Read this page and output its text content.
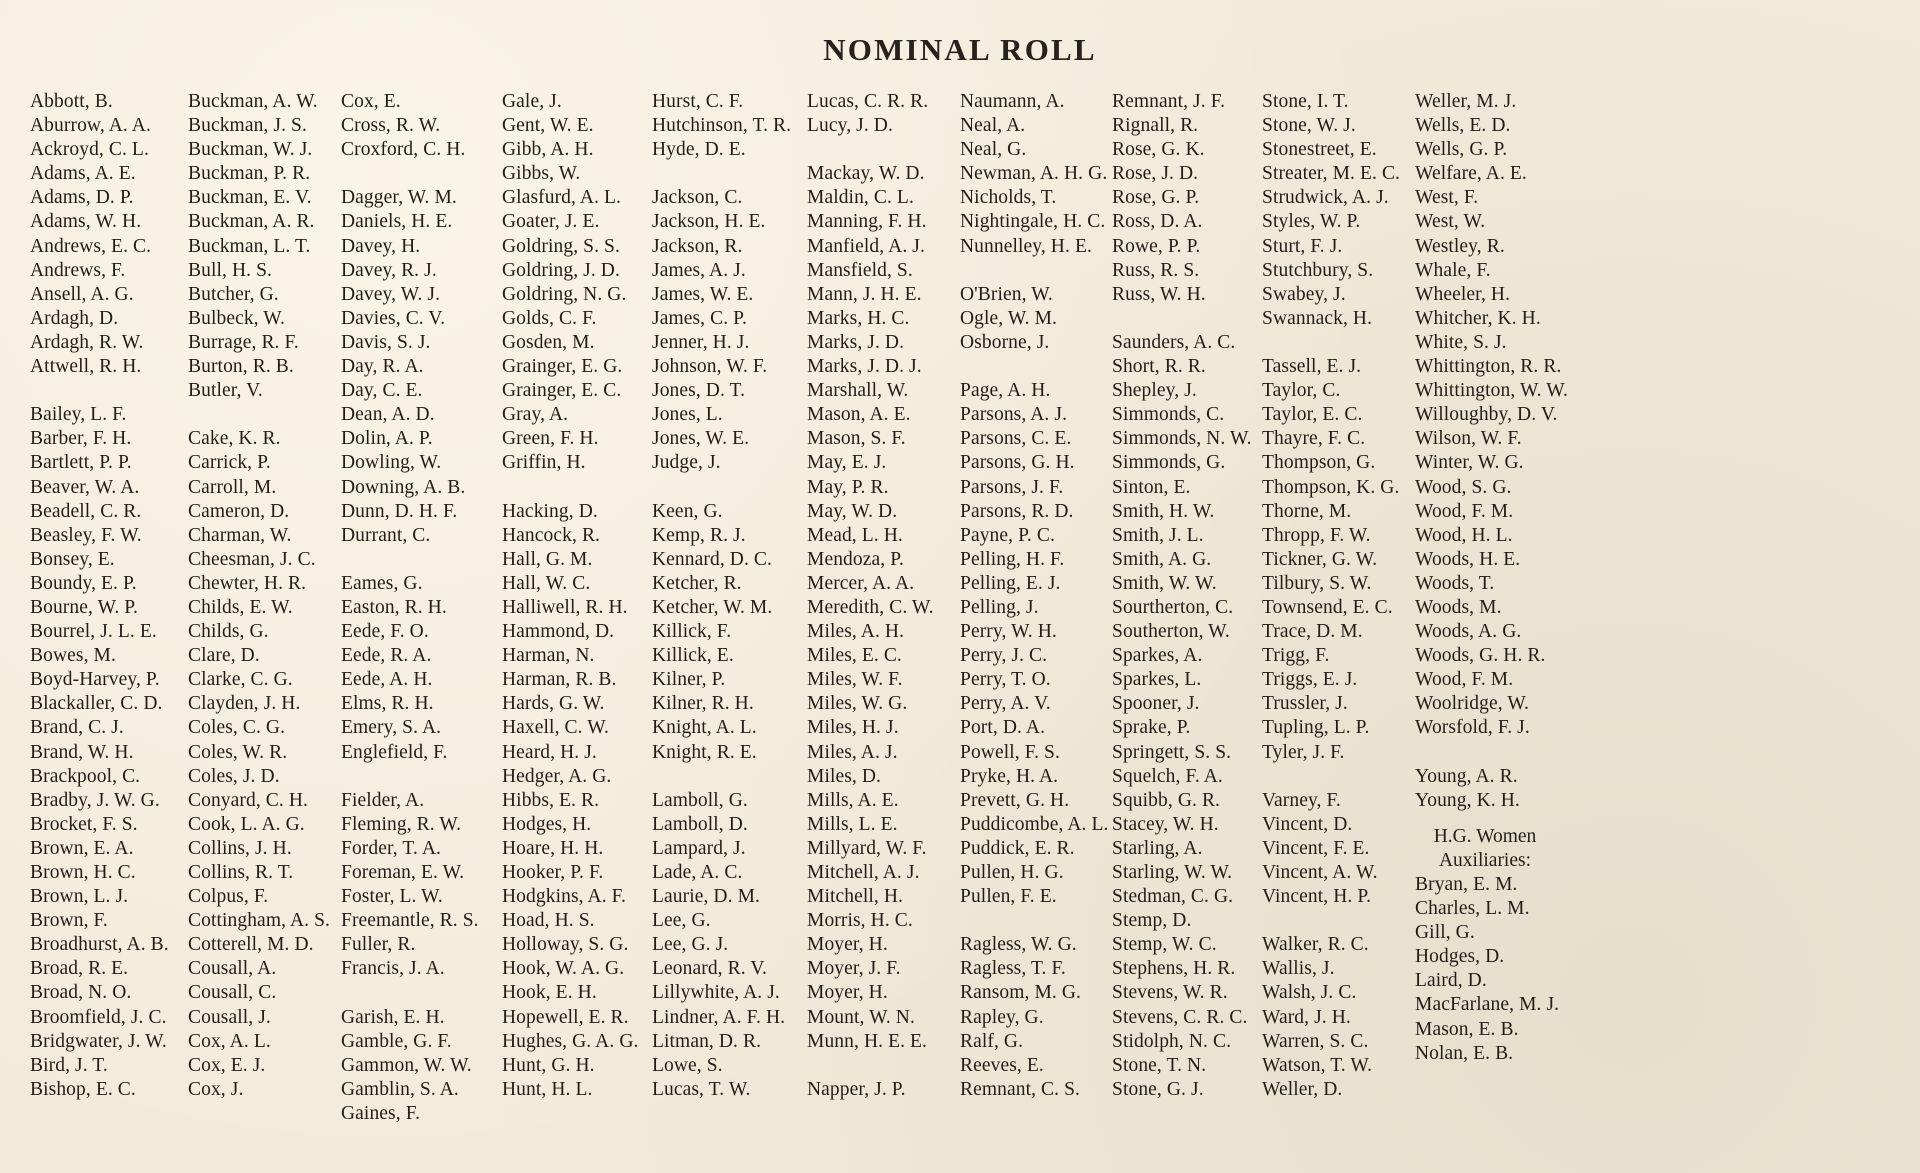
NOMINAL ROLL
Abbott, B.
Aburrow, A. A.
Ackroyd, C. L.
Adams, A. E.
Adams, D. P.
Adams, W. H.
Andrews, E. C.
Andrews, F.
Ansell, A. G.
Ardagh, D.
Ardagh, R. W.
Attwell, R. H.
Bailey, L. F.
Barber, F. H.
Bartlett, P. P.
Beaver, W. A.
Beadell, C. R.
Beasley, F. W.
Bonsey, E.
Boundy, E. P.
Bourne, W. P.
Bourrel, J. L. E.
Bowes, M.
Boyd-Harvey, P.
Blackaller, C. D.
Brand, C. J.
Brand, W. H.
Brackpool, C.
Bradby, J. W. G.
Brocket, F. S.
Brown, E. A.
Brown, H. C.
Brown, L. J.
Brown, F.
Broadhurst, A. B.
Broad, R. E.
Broad, N. O.
Broomfield, J. C.
Bridgwater, J. W.
Bird, J. T.
Bishop, E. C.
Buckman, A. W.
Buckman, J. S.
Buckman, W. J.
Buckman, P. R.
Buckman, E. V.
Buckman, A. R.
Buckman, L. T.
Bull, H. S.
Butcher, G.
Bulbeck, W.
Burrage, R. F.
Burton, R. B.
Butler, V.
Cake, K. R.
Carrick, P.
Carroll, M.
Cameron, D.
Charman, W.
Cheesman, J. C.
Chewter, H. R.
Childs, E. W.
Childs, G.
Clare, D.
Clarke, C. G.
Clayden, J. H.
Coles, C. G.
Coles, W. R.
Coles, J. D.
Conyard, C. H.
Cook, L. A. G.
Collins, J. H.
Collins, R. T.
Colpus, F.
Cottingham, A. S.
Cotterell, M. D.
Cousall, A.
Cousall, C.
Cousall, J.
Cox, A. L.
Cox, E. J.
Cox, J.
Cox, E.
Cross, R. W.
Croxford, C. H.
Dagger, W. M.
Daniels, H. E.
Davey, H.
Davey, R. J.
Davey, W. J.
Davies, C. V.
Davis, S. J.
Day, R. A.
Day, C. E.
Dean, A. D.
Dolin, A. P.
Dowling, W.
Downing, A. B.
Dunn, D. H. F.
Durrant, C.
Eames, G.
Easton, R. H.
Eede, F. O.
Eede, R. A.
Eede, A. H.
Elms, R. H.
Emery, S. A.
Englefield, F.
Fielder, A.
Fleming, R. W.
Forder, T. A.
Foreman, E. W.
Foster, L. W.
Freemantle, R. S.
Fuller, R.
Francis, J. A.
Garish, E. H.
Gamble, G. F.
Gammon, W. W.
Gamblin, S. A.
Gaines, F.
Gale, J.
Gent, W. E.
Gibb, A. H.
Gibbs, W.
Glasfurd, A. L.
Goater, J. E.
Goldring, S. S.
Goldring, J. D.
Goldring, N. G.
Golds, C. F.
Gosden, M.
Grainger, E. G.
Grainger, E. C.
Gray, A.
Green, F. H.
Griffin, H.
Hacking, D.
Hancock, R.
Hall, G. M.
Hall, W. C.
Halliwell, R. H.
Hammond, D.
Harman, N.
Harman, R. B.
Hards, G. W.
Haxell, C. W.
Heard, H. J.
Hedger, A. G.
Hibbs, E. R.
Hodges, H.
Hoare, H. H.
Hooker, P. F.
Hodgkins, A. F.
Hoad, H. S.
Holloway, S. G.
Hook, W. A. G.
Hook, E. H.
Hopewell, E. R.
Hughes, G. A. G.
Hunt, G. H.
Hunt, H. L.
Hurst, C. F.
Hutchinson, T. R.
Hyde, D. E.
Jackson, C.
Jackson, H. E.
Jackson, R.
James, A. J.
James, W. E.
James, C. P.
Jenner, H. J.
Johnson, W. F.
Jones, D. T.
Jones, L.
Jones, W. E.
Judge, J.
Keen, G.
Kemp, R. J.
Kennard, D. C.
Ketcher, R.
Ketcher, W. M.
Killick, F.
Killick, E.
Kilner, P.
Kilner, R. H.
Knight, A. L.
Knight, R. E.
Lamboll, G.
Lamboll, D.
Lampard, J.
Lade, A. C.
Laurie, D. M.
Lee, G.
Lee, G. J.
Leonard, R. V.
Lillywhite, A. J.
Lindner, A. F. H.
Litman, D. R.
Lowe, S.
Lucas, T. W.
Lucas, C. R. R.
Lucy, J. D.
Mackay, W. D.
Maldin, C. L.
Manning, F. H.
Manfield, A. J.
Mansfield, S.
Mann, J. H. E.
Marks, H. C.
Marks, J. D.
Marks, J. D. J.
Marshall, W.
Mason, A. E.
Mason, S. F.
May, E. J.
May, P. R.
May, W. D.
Mead, L. H.
Mendoza, P.
Mercer, A. A.
Meredith, C. W.
Miles, A. H.
Miles, E. C.
Miles, W. F.
Miles, W. G.
Miles, H. J.
Miles, A. J.
Miles, D.
Mills, A. E.
Mills, L. E.
Millyard, W. F.
Mitchell, A. J.
Mitchell, H.
Morris, H. C.
Moyer, H.
Moyer, J. F.
Moyer, H.
Mount, W. N.
Munn, H. E. E.
Napper, J. P.
Naumann, A.
Neal, A.
Neal, G.
Newman, A. H. G.
Nicholds, T.
Nightingale, H. C.
Nunnelley, H. E.
O'Brien, W.
Ogle, W. M.
Osborne, J.
Page, A. H.
Parsons, A. J.
Parsons, C. E.
Parsons, G. H.
Parsons, J. F.
Parsons, R. D.
Payne, P. C.
Pelling, H. F.
Pelling, E. J.
Pelling, J.
Perry, W. H.
Perry, J. C.
Perry, T. O.
Perry, A. V.
Port, D. A.
Powell, F. S.
Pryke, H. A.
Prevett, G. H.
Puddicombe, A. L.
Puddick, E. R.
Pullen, H. G.
Pullen, F. E.
Ragless, W. G.
Ragless, T. F.
Ransom, M. G.
Rapley, G.
Ralf, G.
Reeves, E.
Remnant, C. S.
Remnant, J. F.
Rignall, R.
Rose, G. K.
Rose, J. D.
Rose, G. P.
Ross, D. A.
Rowe, P. P.
Russ, R. S.
Russ, W. H.
Saunders, A. C.
Short, R. R.
Shepley, J.
Simmonds, C.
Simmonds, N. W.
Simmonds, G.
Sinton, E.
Smith, H. W.
Smith, J. L.
Smith, A. G.
Smith, W. W.
Sourtherton, C.
Southerton, W.
Sparkes, A.
Sparkes, L.
Spooner, J.
Sprake, P.
Springett, S. S.
Squelch, F. A.
Squibb, G. R.
Stacey, W. H.
Starling, A.
Starling, W. W.
Stedman, C. G.
Stemp, D.
Stemp, W. C.
Stephens, H. R.
Stevens, W. R.
Stevens, C. R. C.
Stidolph, N. C.
Stone, T. N.
Stone, G. J.
Stone, I. T.
Stone, W. J.
Stonestreet, E.
Streater, M. E. C.
Strudwick, A. J.
Styles, W. P.
Sturt, F. J.
Stutchbury, S.
Swabey, J.
Swannack, H.
Tassell, E. J.
Taylor, C.
Taylor, E. C.
Thayre, F. C.
Thompson, G.
Thompson, K. G.
Thorne, M.
Thropp, F. W.
Tickner, G. W.
Tilbury, S. W.
Townsend, E. C.
Trace, D. M.
Trigg, F.
Triggs, E. J.
Trussler, J.
Tupling, L. P.
Tyler, J. F.
Varney, F.
Vincent, D.
Vincent, F. E.
Vincent, A. W.
Vincent, H. P.
Walker, R. C.
Wallis, J.
Walsh, J. C.
Ward, J. H.
Warren, S. C.
Watson, T. W.
Weller, D.
Weller, M. J.
Wells, E. D.
Wells, G. P.
Welfare, A. E.
West, F.
West, W.
Westley, R.
Whale, F.
Wheeler, H.
Whitcher, K. H.
White, S. J.
Whittington, R. R.
Whittington, W. W.
Willoughby, D. V.
Wilson, W. F.
Winter, W. G.
Wood, S. G.
Wood, F. M.
Wood, H. L.
Woods, H. E.
Woods, T.
Woods, M.
Woods, A. G.
Woods, G. H. R.
Wood, F. M.
Woolridge, W.
Worsfold, F. J.
Young, A. R.
Young, K. H.
H.G. Women
Auxiliaries:
Bryan, E. M.
Charles, L. M.
Gill, G.
Hodges, D.
Laird, D.
MacFarlane, M. J.
Mason, E. B.
Nolan, E. B.
